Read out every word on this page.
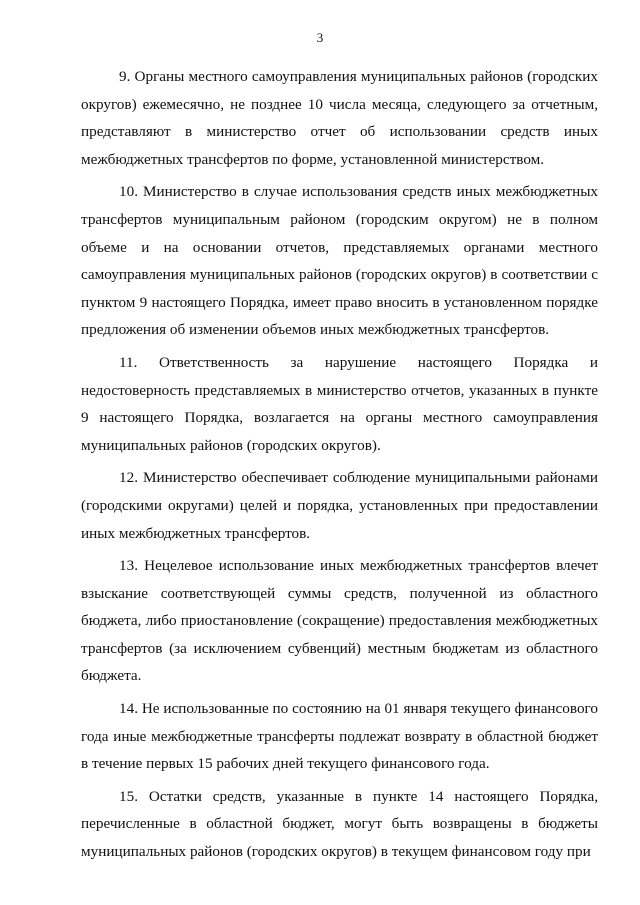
3

9. Органы местного самоуправления муниципальных районов (городских округов) ежемесячно, не позднее 10 числа месяца, следующего за отчетным, представляют в министерство отчет об использовании средств иных межбюджетных трансфертов по форме, установленной министерством.

10. Министерство в случае использования средств иных межбюджетных трансфертов муниципальным районом (городским округом) не в полном объеме и на основании отчетов, представляемых органами местного самоуправления муниципальных районов (городских округов) в соответствии с пунктом 9 настоящего Порядка, имеет право вносить в установленном порядке предложения об изменении объемов иных межбюджетных трансфертов.

11. Ответственность за нарушение настоящего Порядка и недостоверность представляемых в министерство отчетов, указанных в пункте 9 настоящего Порядка, возлагается на органы местного самоуправления муниципальных районов (городских округов).

12. Министерство обеспечивает соблюдение муниципальными районами (городскими округами) целей и порядка, установленных при предоставлении иных межбюджетных трансфертов.

13. Нецелевое использование иных межбюджетных трансфертов влечет взыскание соответствующей суммы средств, полученной из областного бюджета, либо приостановление (сокращение) предоставления межбюджетных трансфертов (за исключением субвенций) местным бюджетам из областного бюджета.

14. Не использованные по состоянию на 01 января текущего финансового года иные межбюджетные трансферты подлежат возврату в областной бюджет в течение первых 15 рабочих дней текущего финансового года.

15. Остатки средств, указанные в пункте 14 настоящего Порядка, перечисленные в областной бюджет, могут быть возвращены в бюджеты муниципальных районов (городских округов) в текущем финансовом году при
